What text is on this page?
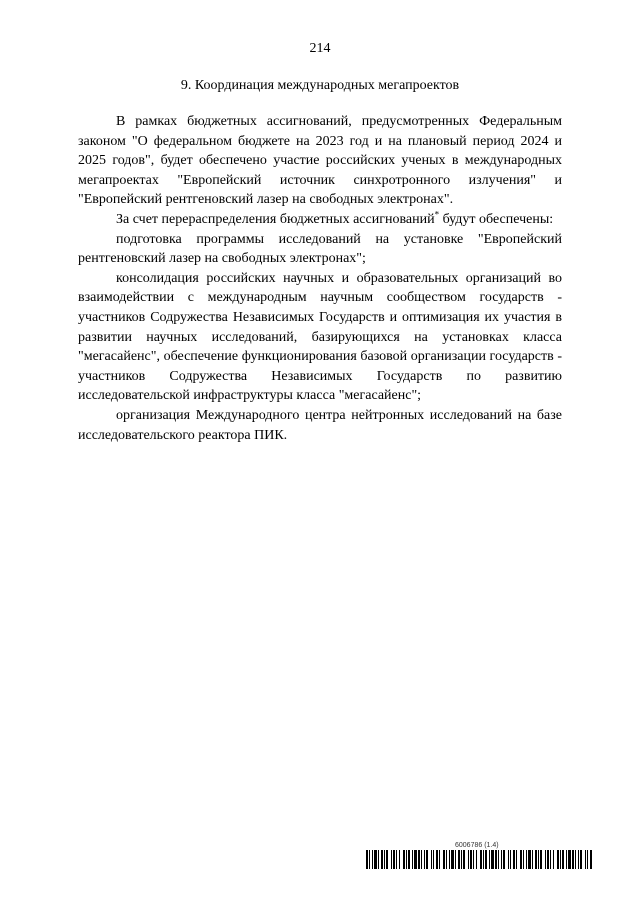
214
9. Координация международных мегапроектов

В рамках бюджетных ассигнований, предусмотренных Федеральным законом "О федеральном бюджете на 2023 год и на плановый период 2024 и 2025 годов", будет обеспечено участие российских ученых в международных мегапроектах "Европейский источник синхротронного излучения" и "Европейский рентгеновский лазер на свободных электронах".

За счет перераспределения бюджетных ассигнований* будут обеспечены:

подготовка программы исследований на установке "Европейский рентгеновский лазер на свободных электронах";

консолидация российских научных и образовательных организаций во взаимодействии с международным научным сообществом государств - участников Содружества Независимых Государств и оптимизация их участия в развитии научных исследований, базирующихся на установках класса "мегасайенс", обеспечение функционирования базовой организации государств - участников Содружества Независимых Государств по развитию исследовательской инфраструктуры класса "мегасайенс";

организация Международного центра нейтронных исследований на базе исследовательского реактора ПИК.

6006786 (1.4)
